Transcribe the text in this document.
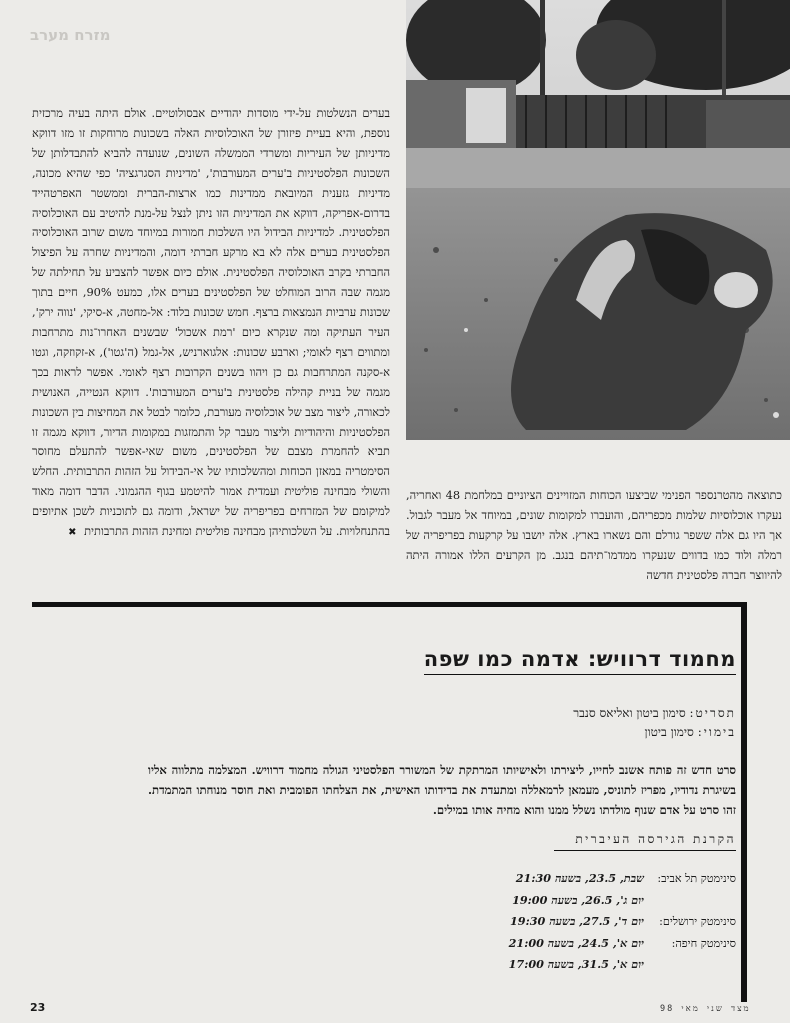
מזרח מערב

בערים הנשלטות על-ידי מוסדות יהודיים אבסולוטיים. אולם היתה בעיה מרכזית נוספת, והיא בעיית פיזורן של האוכלוסיות האלה בשכונות מרוחקות זו מזו דווקא מדיניותן של העיריות ומשרדי הממשלה השונים, שנועדה להביא להתבדלותן של השכונות הפלסטיניות ב'ערים המעורבות', 'מדיניות הסגרגציה' כפי שהיא מכונה, מדיניות גזענית המיובאת ממדינות כמו ארצות-הברית וממשטר האפרטהייד בדרום-אפריקה, דווקא את המדיניות הזו ניתן לנצל על-מנת להיטיב עם האוכלוסיה הפלסטינית. למדיניות הבידול היו השלכות חמורות במיוחד משום שרוב האוכלוסיה הפלסטינית בערים אלה לא בא מרקע חברתי דומה, והמדיניות שחרה על הפיצול החברתי בקרב האוכלוסיה הפלסטינית. אולם כיום אפשר להצביע על תחילתה של מגמה שבה הרוב המוחלט של הפלסטינים בערים אלו, כמעט 90%, חיים בתוך שכונות ערביות הנמצאות ברצף. חמש שכונות בלוד: אל-מחטה, א-סיקי, 'נווה ירק', העיר העתיקה ומה שנקרא כיום 'רמת אשכול' שבשנים האחרו־נות מתרחבות ומתווים רצף לאומי; וארבע שכונות: אלגוארניש, אל-גמל (ה'גטו'), א-זקוזקה, וגטו א-סקנה המתרחבות גם כן ויהוו בשנים הקרובות רצף לאומי. אפשר לראות בכך מגמה של בניית קהילה פלסטינית ב'ערים המעורבות'. דווקא הנטייה, האנושית לכאורה, ליצור מצב של אוכלוסיה מעורבת, כלומר לבטל את המחיצות בין השכונות הפלסטיניות והיהודיות וליצור מעבר קל והתמזגות במקומות הדיור, דווקא מגמה זו תביא להחמרת מצבם של הפלסטינים, משום שאי-אפשר להתעלם מחוסר הסימטריה במאזן הכוחות ומהשלכותיו של אי-הבידול על הזהות התרבותית. החלש והשולי מבחינה פוליטית ועמדית אמור להיטמע בגוף ההגמוני. הדבר דומה מאוד למיקומם של המזרחים בפריפריה של ישראל, ודומה גם לתוכניות לשכן אתיופים בהתנחלויות. על השלכותיהן מבחינה פוליטית ומחינת הזהות התרבותית ✖

כתוצאה מהטרנספר הפנימי שביצעו הכוחות המזויינים הציוניים במלחמת 48 ואחריה, נעקרו אוכלוסיות שלמות מכפריהם, והועברו למקומות שונים, במיוחד אל מעבר לגבול. אך היו גם אלה ששפר גורלם והם נשארו בארץ. אלה יושבו על קרקעות בפריפריה של רמלה ולוד כמו בדווים שנעקרו ממדמו־תיהם בנגב. מן הקרעים הללו אמורה היתה להיווצר חברה פלסטינית חדשה

מחמוד דרוויש: אדמה כמו שפה
תסריט: סימון ביטון ואליאס סנבר
בימוי: סימון ביטון

סרט חדש זה פותח אשנב לחייו, ליצירתו ולאישיותו המרתקת של המשורר הפלסטיני הגולה מחמוד דרוויש. המצלמה מתלווה אליו בשיגרת נדודיו, מפריז לתוניס, מעמאן לרמאללה ומתעדת את בדידותו האישית, את הצלחתו הפומבית ואת חוסר מנוחתו המתמדת. זהו סרט על אדם שנוף מולדתו נשלל ממנו והוא מחיה אותו במילים.

הקרנת הגירסה העיברית
סינימטק תל אביב:
שבת, 23.5, בשעה 21:30
יום ג', 26.5, בשעה 19:00
סינימטק ירושלים:
יום ד', 27.5, בשעה 19:30
סינימטק חיפה:
יום א', 24.5, בשעה 21:00
יום א', 31.5, בשעה 17:00
23	מצד שני מאי 98
